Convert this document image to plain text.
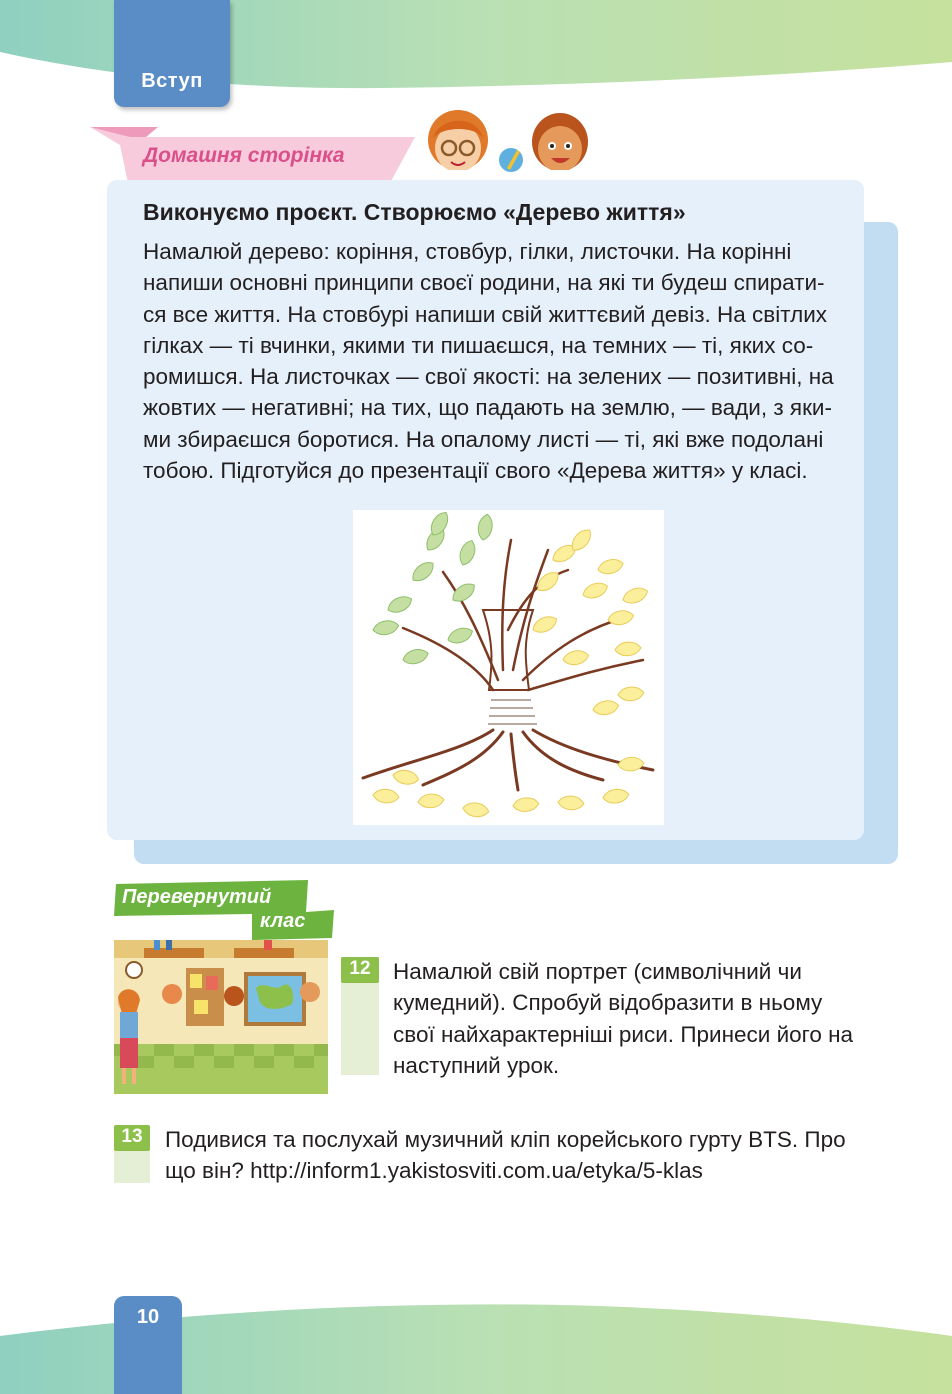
Вступ
Домашня сторінка
Виконуємо проєкт. Створюємо «Дерево життя»
Намалюй дерево: коріння, стовбур, гілки, листочки. На корінні
напиши основні принципи своєї родини, на які ти будеш спирати-
ся все життя. На стовбурі напиши свій життєвий девіз. На світлих
гілках — ті вчинки, якими ти пишаєшся, на темних — ті, яких со-
ромишся. На листочках — свої якості: на зелених — позитивні, на
жовтих — негативні; на тих, що падають на землю, — вади, з яки-
ми збираєшся боротися. На опалому листі — ті, які вже подолані
тобою. Підготуйся до презентації свого «Дерева життя» у класі.
Перевернутий
клас
12 Намалюй свій портрет (символічний чи
кумедний). Спробуй відобразити в ньому
свої найхарактерніші риси. Принеси його на
наступний урок.
13 Подивися та послухай музичний кліп корейського гурту BTS. Про
що він? http://inform1.yakistosviti.com.ua/etyka/5-klas
10
